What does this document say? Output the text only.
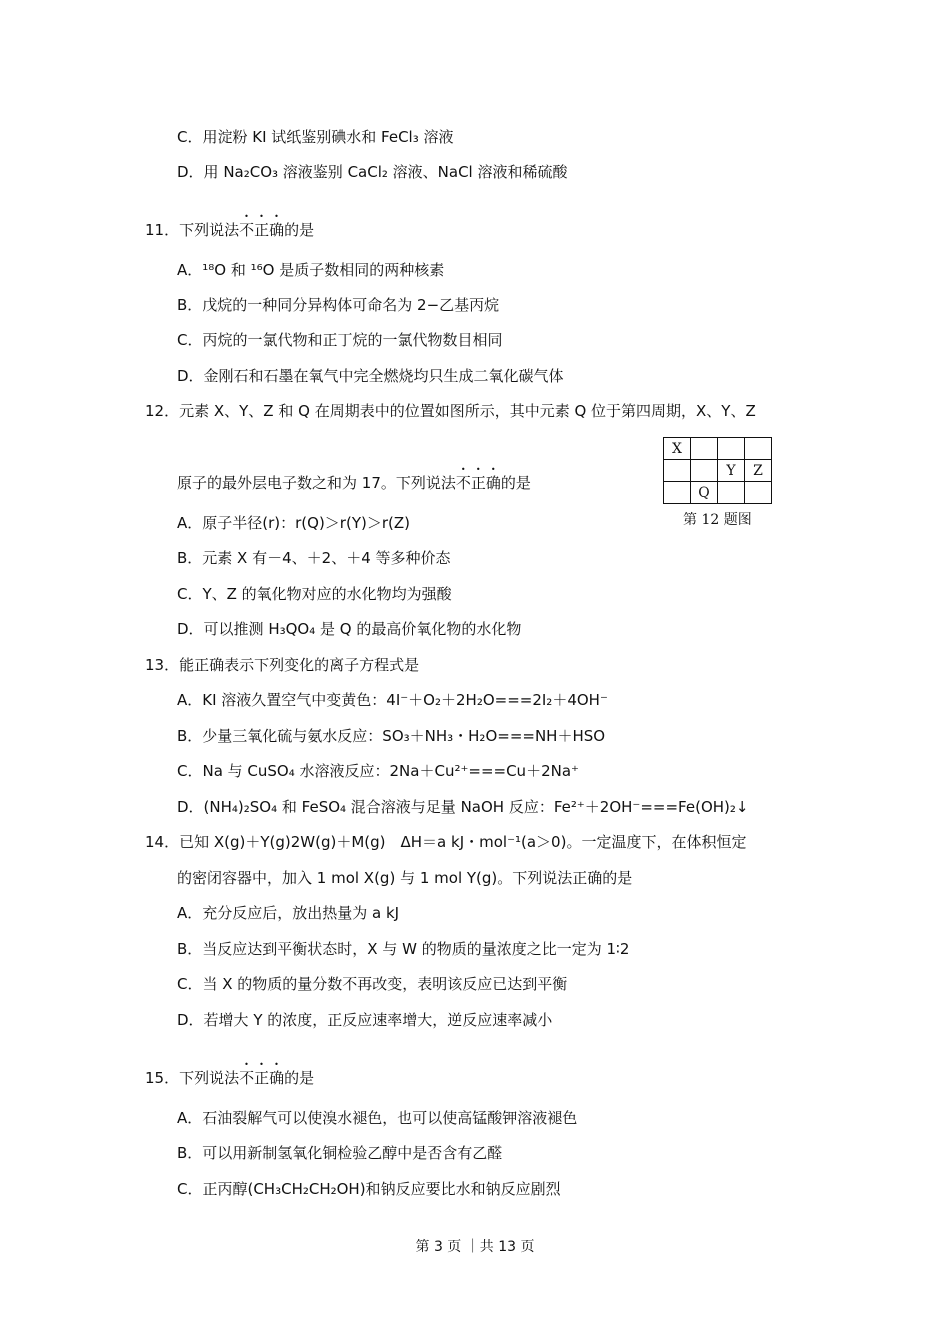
C．用淀粉 KI 试纸鉴别碘水和 FeCl₃ 溶液
D．用 Na₂CO₃ 溶液鉴别 CaCl₂ 溶液、NaCl 溶液和稀硫酸
11．下列说法不正确的是
A．¹⁸O 和 ¹⁶O 是质子数相同的两种核素
B．戊烷的一种同分异构体可命名为 2−乙基丙烷
C．丙烷的一氯代物和正丁烷的一氯代物数目相同
D．金刚石和石墨在氧气中完全燃烧均只生成二氧化碳气体
12．元素 X、Y、Z 和 Q 在周期表中的位置如图所示，其中元素 Q 位于第四周期，X、Y、Z
原子的最外层电子数之和为 17。下列说法不正确的是
X			
		Y	Z
	Q		
第 12 题图
A．原子半径(r)：r(Q)＞r(Y)＞r(Z)
B．元素 X 有－4、＋2、＋4 等多种价态
C．Y、Z 的氧化物对应的水化物均为强酸
D．可以推测 H₃QO₄ 是 Q 的最高价氧化物的水化物
13．能正确表示下列变化的离子方程式是
A．KI 溶液久置空气中变黄色：4I⁻＋O₂＋2H₂O===2I₂＋4OH⁻
B．少量三氧化硫与氨水反应：SO₃＋NH₃・H₂O===NH＋HSO
C．Na 与 CuSO₄ 水溶液反应：2Na＋Cu²⁺===Cu＋2Na⁺
D．(NH₄)₂SO₄ 和 FeSO₄ 混合溶液与足量 NaOH 反应：Fe²⁺＋2OH⁻===Fe(OH)₂↓
14．已知 X(g)＋Y(g)2W(g)＋M(g)　ΔH＝a kJ・mol⁻¹(a＞0)。一定温度下，在体积恒定
的密闭容器中，加入 1 mol X(g) 与 1 mol Y(g)。下列说法正确的是
A．充分反应后，放出热量为 a kJ
B．当反应达到平衡状态时，X 与 W 的物质的量浓度之比一定为 1∶2
C．当 X 的物质的量分数不再改变，表明该反应已达到平衡
D．若增大 Y 的浓度，正反应速率增大，逆反应速率减小
15．下列说法不正确的是
A．石油裂解气可以使溴水褪色，也可以使高锰酸钾溶液褪色
B．可以用新制氢氧化铜检验乙醇中是否含有乙醛
C．正丙醇(CH₃CH₂CH₂OH)和钠反应要比水和钠反应剧烈
第 3 页 ｜共 13 页
